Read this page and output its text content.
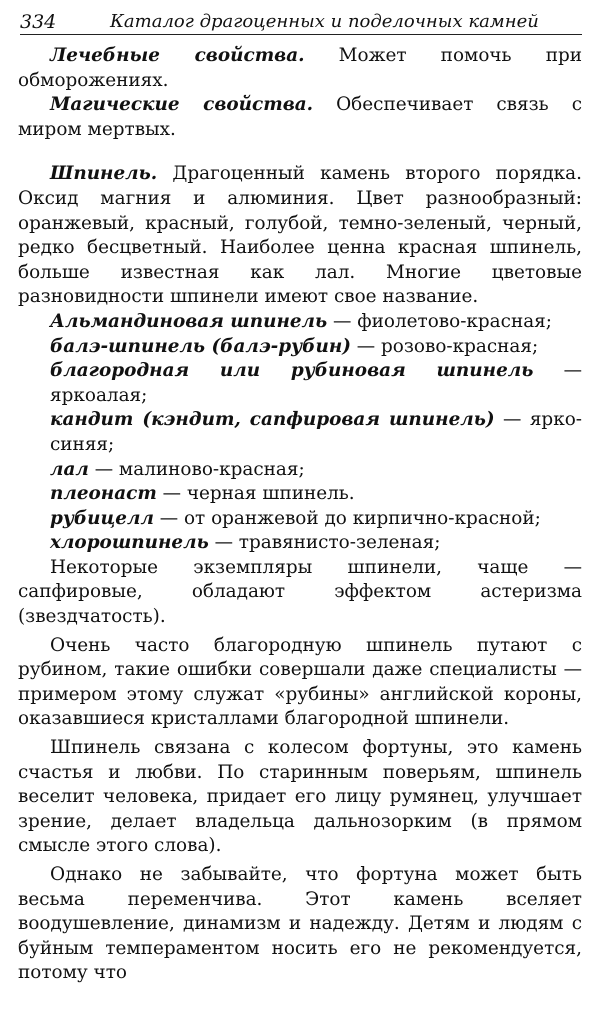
334	Каталог драгоценных и поделочных камней

Лечебные свойства. Может помочь при обморожениях.

Магические свойства. Обеспечивает связь с миром мертвых.

Шпинель. Драгоценный камень второго порядка. Оксид магния и алюминия. Цвет разнообразный: оранжевый, красный, голубой, темно-зеленый, черный, редко бесцветный. Наиболее ценна красная шпинель, больше известная как лал. Многие цветовые разновидности шпинели имеют свое название.

Альмандиновая шпинель — фиолетово-красная;

балэ-шпинель (балэ-рубин) — розово-красная;

благородная или рубиновая шпинель — яркоалая;

кандит (кэндит, сапфировая шпинель) — ярко-синяя;

лал — малиново-красная;

плеонаст — черная шпинель.

рубицелл — от оранжевой до кирпично-красной;

хлорошпинель — травянисто-зеленая;

Некоторые экземпляры шпинели, чаще — сапфировые, обладают эффектом астеризма (звездчатость).

Очень часто благородную шпинель путают с рубином, такие ошибки совершали даже специалисты — примером этому служат «рубины» английской короны, оказавшиеся кристаллами благородной шпинели.

Шпинель связана с колесом фортуны, это камень счастья и любви. По старинным поверьям, шпинель веселит человека, придает его лицу румянец, улучшает зрение, делает владельца дальнозорким (в прямом смысле этого слова).

Однако не забывайте, что фортуна может быть весьма переменчива. Этот камень вселяет воодушевление, динамизм и надежду. Детям и людям с буйным темпераментом носить его не рекомендуется, потому что
